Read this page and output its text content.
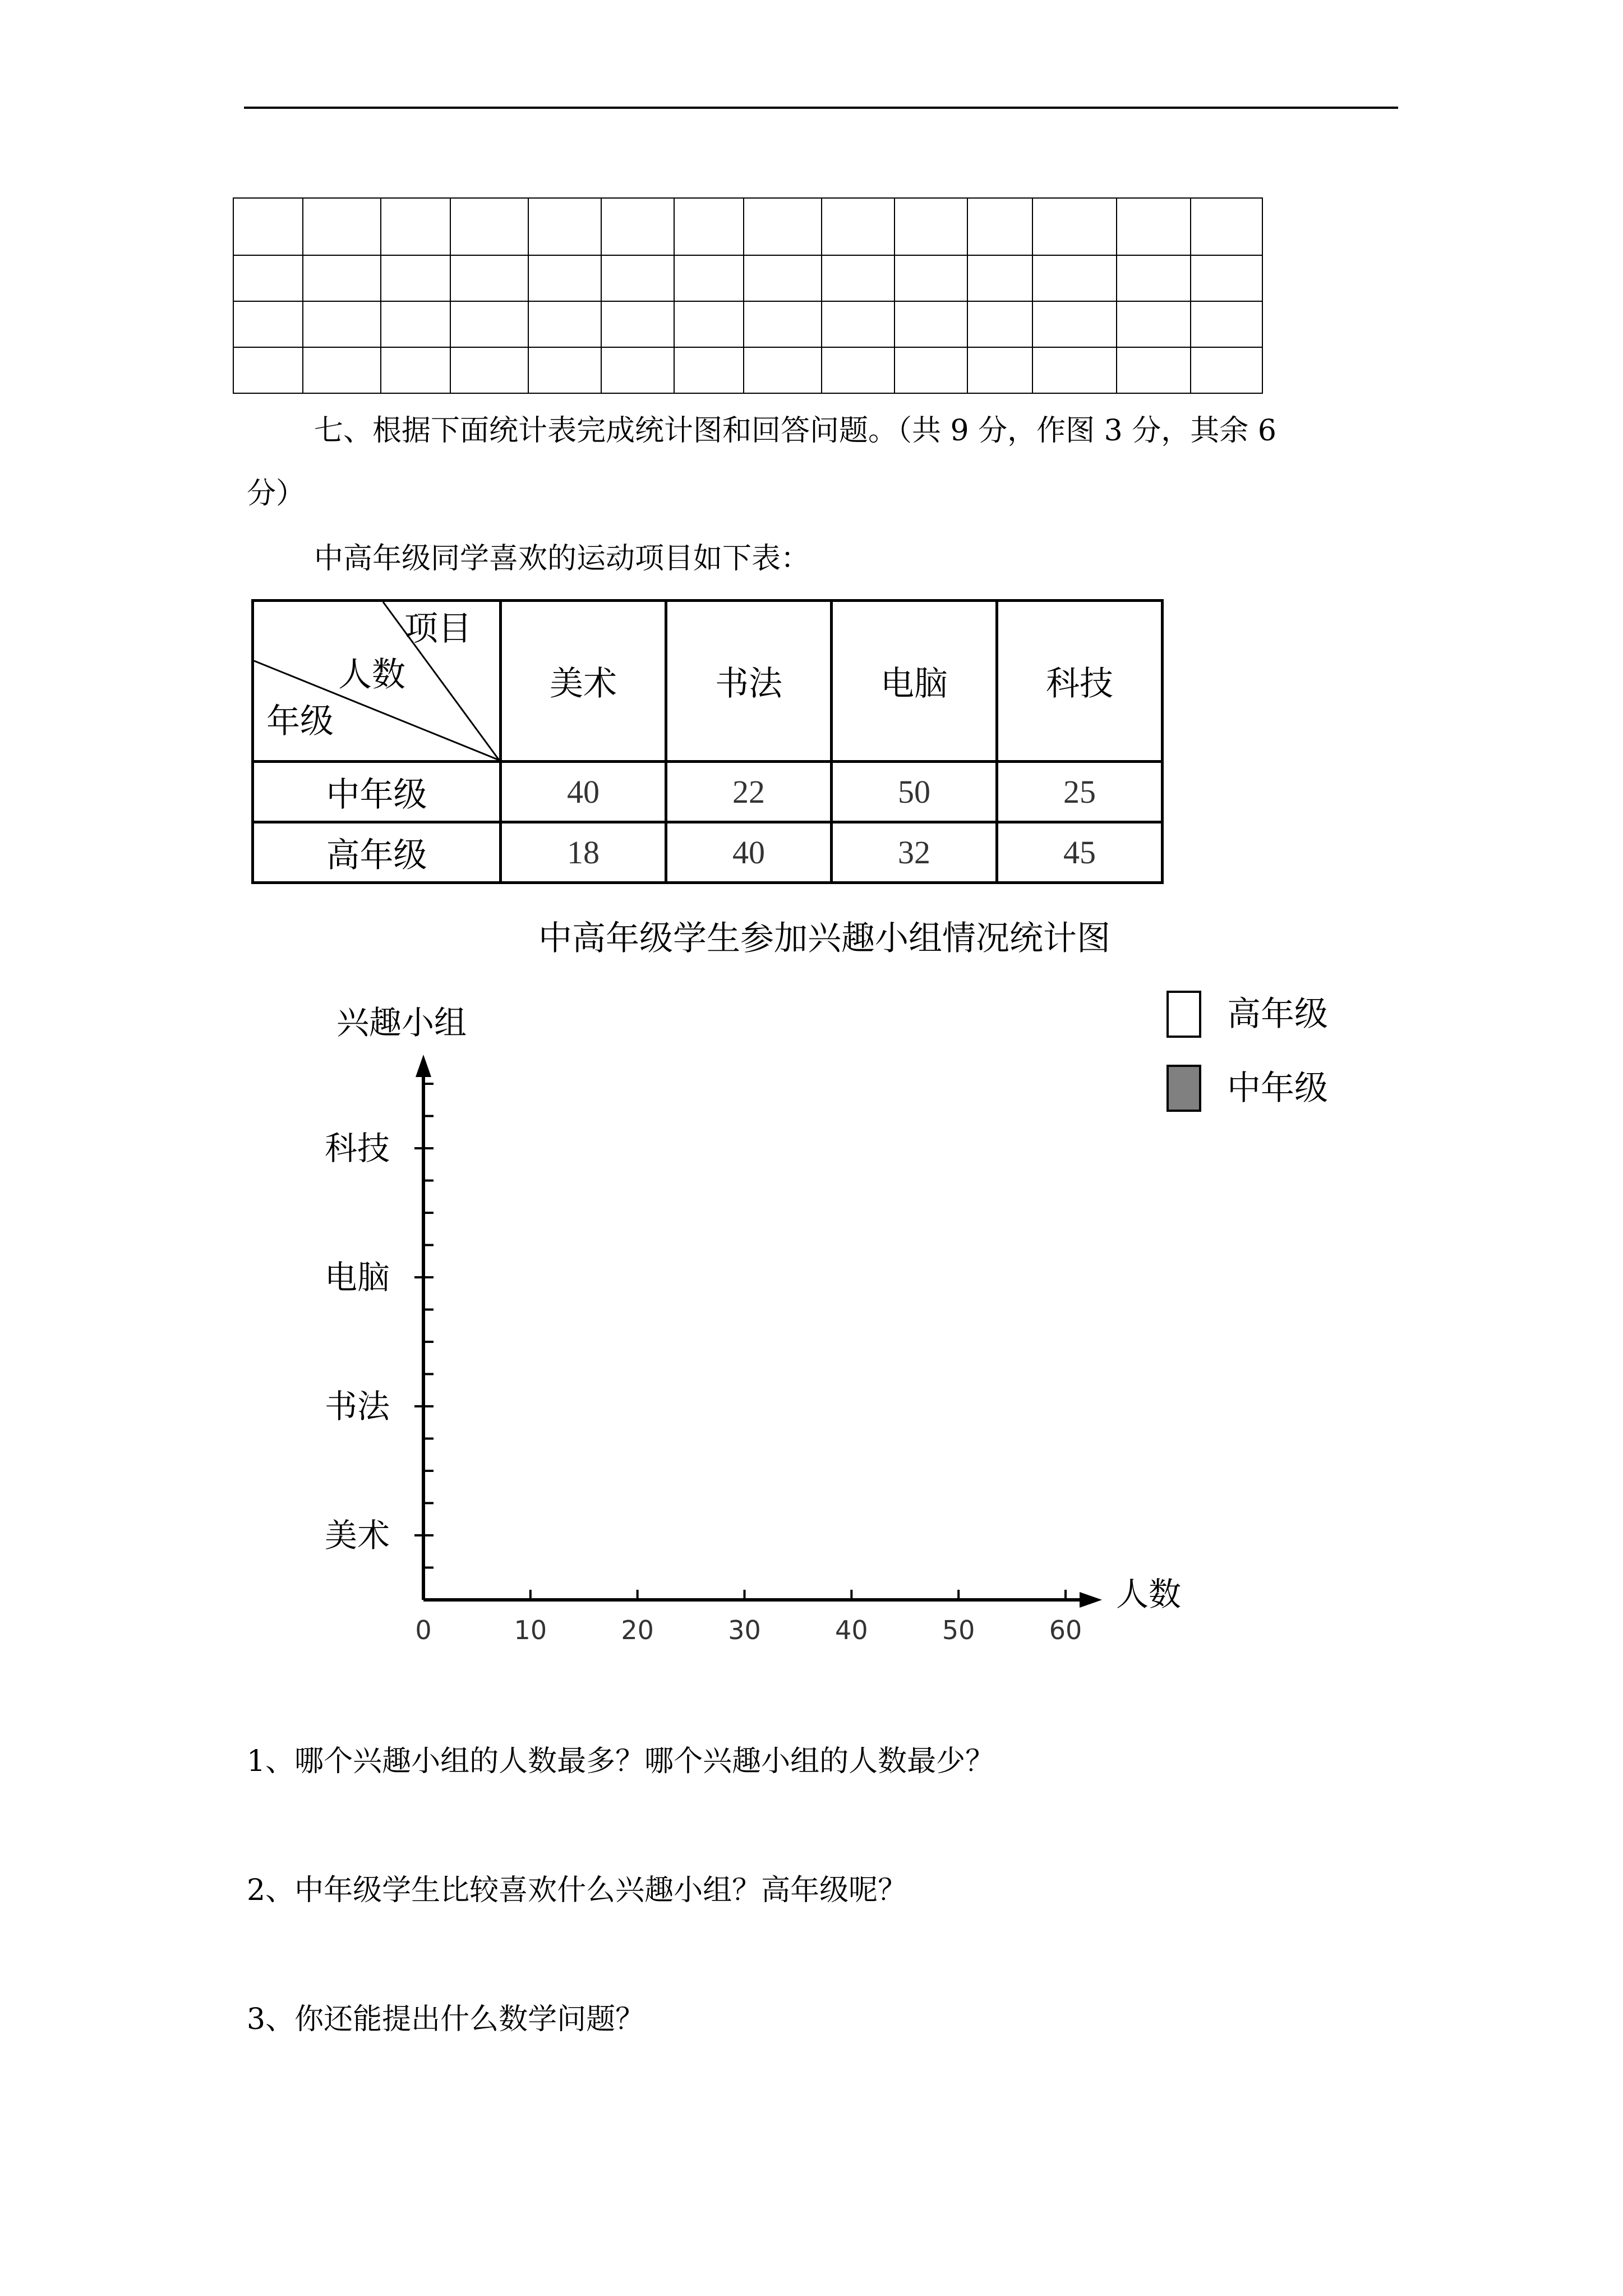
七、根据下面统计表完成统计图和回答问题。（共 9 分，作图 3 分，其余 6
分）
中高年级同学喜欢的运动项目如下表：
项目
人数
年级	美术	书法	电脑	科技
中年级	40	22	50	25
高年级	18	40	32	45
中高年级学生参加兴趣小组情况统计图
兴趣小组
人数
美术
书法
电脑
科技
0	10	20	30	40	50	60
高年级
中年级
1、哪个兴趣小组的人数最多？哪个兴趣小组的人数最少？
2、中年级学生比较喜欢什么兴趣小组？高年级呢？
3、你还能提出什么数学问题？
